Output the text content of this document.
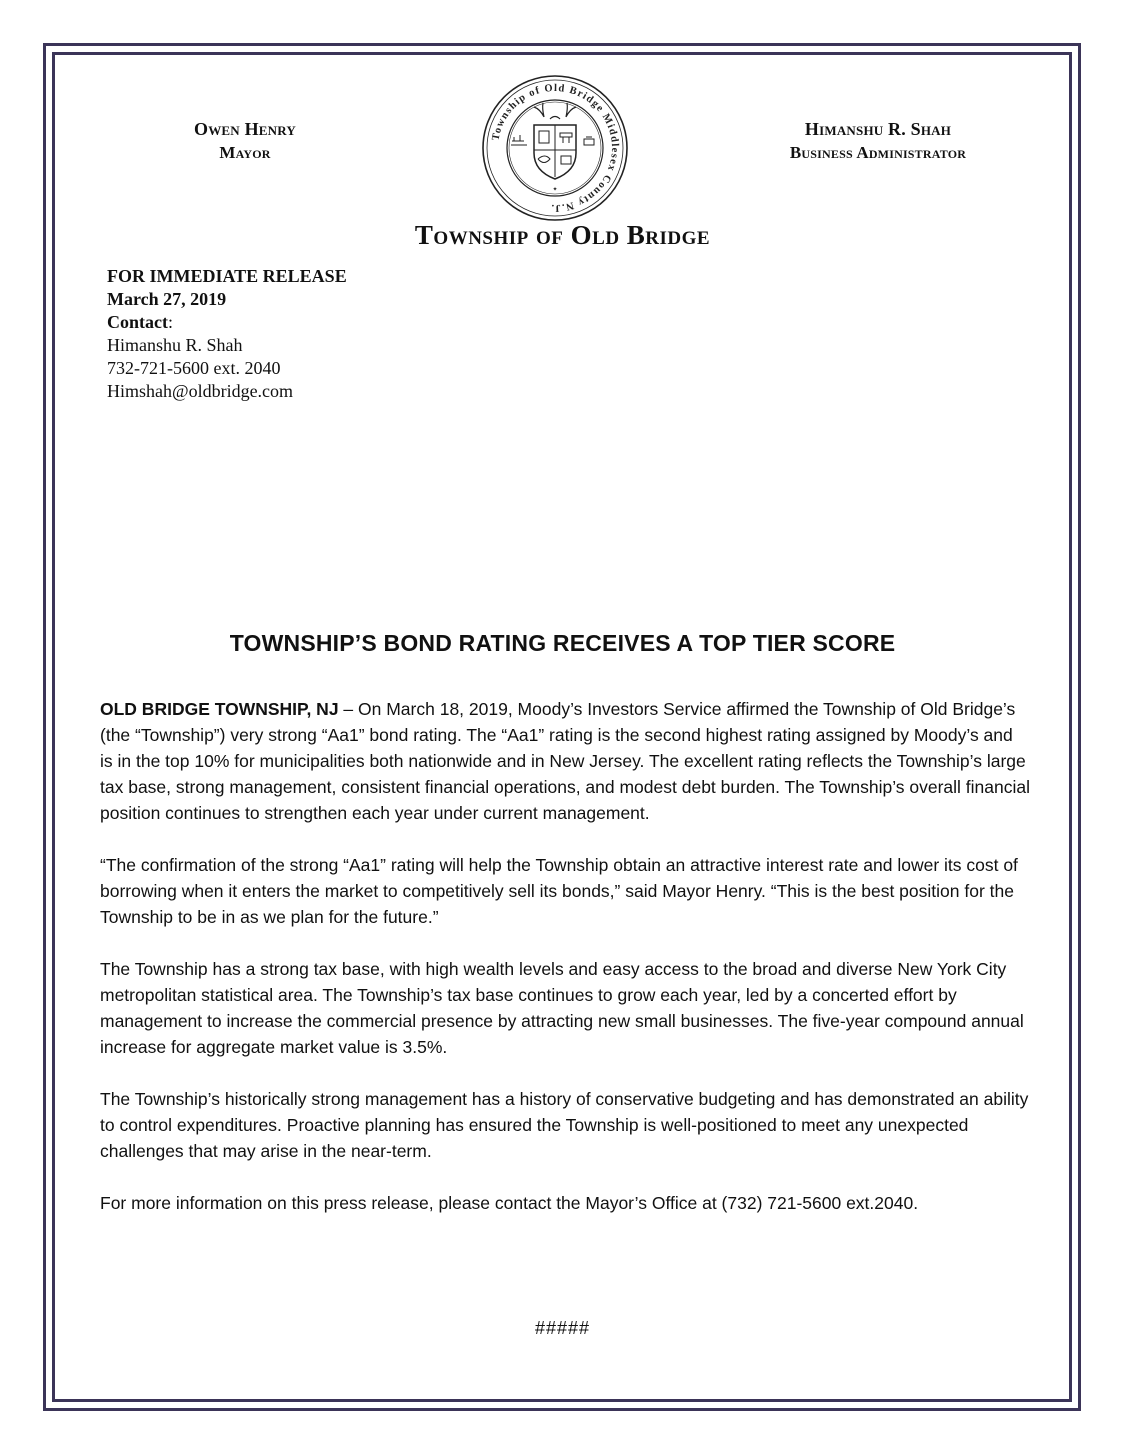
Owen Henry
Mayor
Township of Old Bridge Middlesex County N.J.
✦
Himanshu R. Shah
Business Administrator
Township of Old Bridge
FOR IMMEDIATE RELEASE
March 27, 2019
Contact:
Himanshu R. Shah
732-721-5600 ext. 2040
Himshah@oldbridge.com
TOWNSHIP’S BOND RATING RECEIVES A TOP TIER SCORE

OLD BRIDGE TOWNSHIP, NJ – On March 18, 2019, Moody’s Investors Service affirmed the Township of Old Bridge’s (the “Township”) very strong “Aa1” bond rating. The “Aa1” rating is the second highest rating assigned by Moody’s and is in the top 10% for municipalities both nationwide and in New Jersey. The excellent rating reflects the Township’s large tax base, strong management, consistent financial operations, and modest debt burden. The Township’s overall financial position continues to strengthen each year under current management.

“The confirmation of the strong “Aa1” rating will help the Township obtain an attractive interest rate and lower its cost of borrowing when it enters the market to competitively sell its bonds,” said Mayor Henry. “This is the best position for the Township to be in as we plan for the future.”

The Township has a strong tax base, with high wealth levels and easy access to the broad and diverse New York City metropolitan statistical area. The Township’s tax base continues to grow each year, led by a concerted effort by management to increase the commercial presence by attracting new small businesses. The five-year compound annual increase for aggregate market value is 3.5%.

The Township’s historically strong management has a history of conservative budgeting and has demonstrated an ability to control expenditures. Proactive planning has ensured the Township is well-positioned to meet any unexpected challenges that may arise in the near-term.

For more information on this press release, please contact the Mayor’s Office at (732) 721-5600 ext.2040.

#####
